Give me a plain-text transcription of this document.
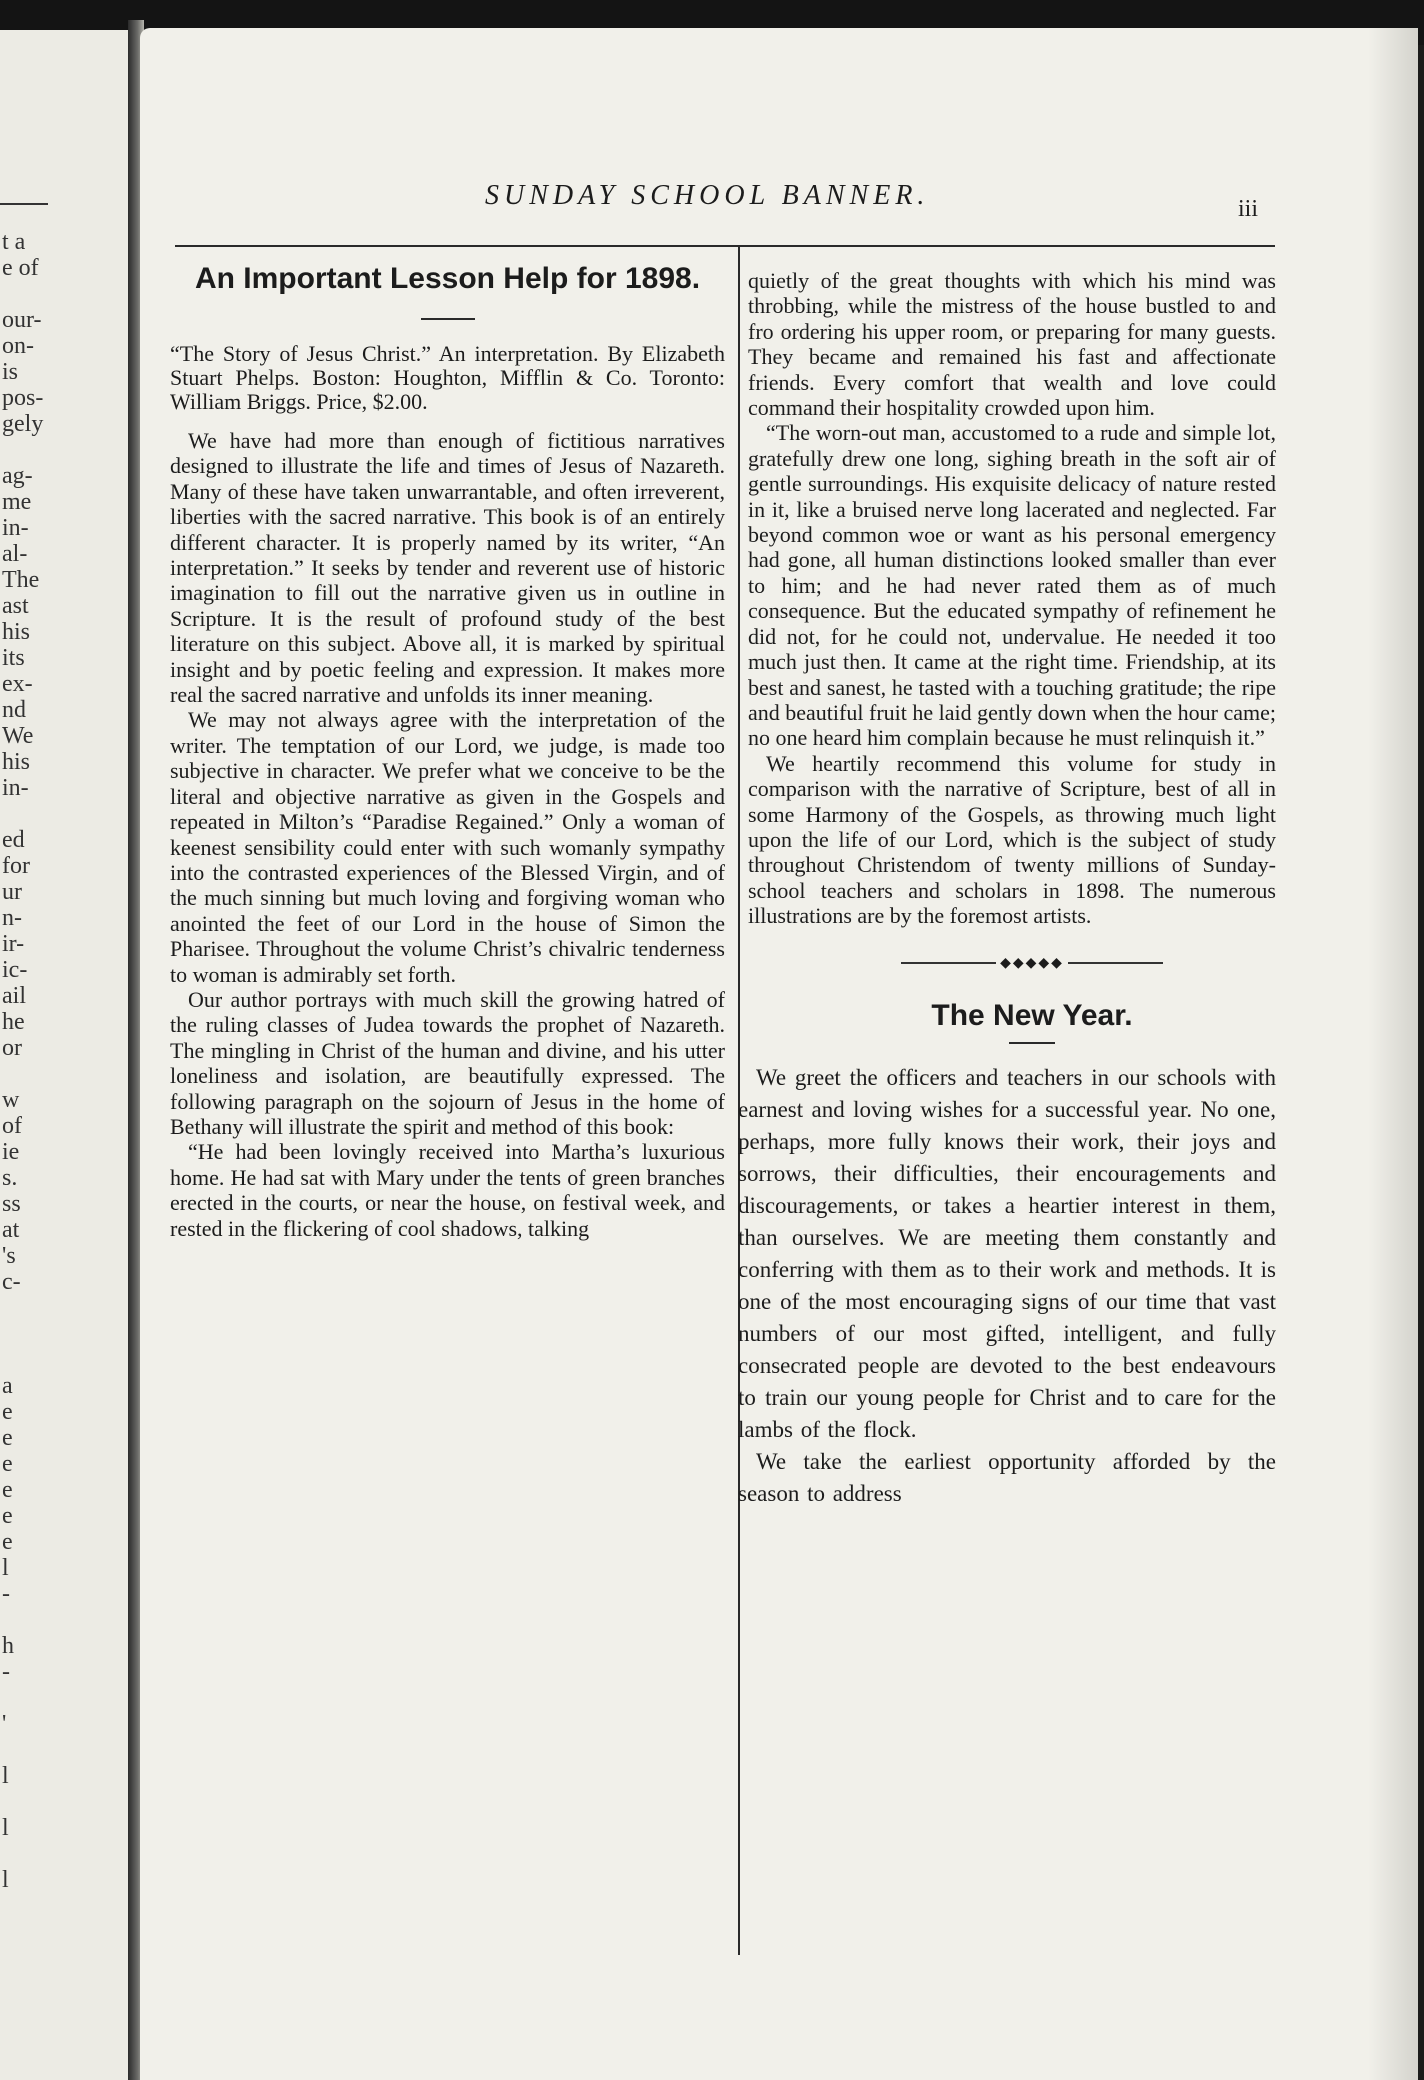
t a
e of
our-
on-
is
pos-
gely
ag-
me
in-
al-
The
ast
his
its
ex-
nd
We
his
in-
ed
for
ur
n-
ir-
ic-
ail
he
or
w
of
ie
s.
ss
at
's
c-
a
e
e
e
e
e
e
l
-
h
-
'
l
l
l
SUNDAY SCHOOL BANNER.	iii
An Important Lesson Help for 1898.

“The Story of Jesus Christ.” An interpretation. By Elizabeth Stuart Phelps. Boston: Houghton, Mifflin & Co. Toronto: William Briggs. Price, $2.00.

We have had more than enough of fictitious narratives designed to illustrate the life and times of Jesus of Nazareth. Many of these have taken unwarrantable, and often irreverent, liberties with the sacred narrative. This book is of an entirely different character. It is properly named by its writer, “An interpretation.” It seeks by tender and reverent use of historic imagination to fill out the narrative given us in outline in Scripture. It is the result of profound study of the best literature on this subject. Above all, it is marked by spiritual insight and by poetic feeling and expression. It makes more real the sacred narrative and unfolds its inner meaning.

We may not always agree with the interpretation of the writer. The temptation of our Lord, we judge, is made too subjective in character. We prefer what we conceive to be the literal and objective narrative as given in the Gospels and repeated in Milton’s “Paradise Regained.” Only a woman of keenest sensibility could enter with such womanly sympathy into the contrasted experiences of the Blessed Virgin, and of the much sinning but much loving and forgiving woman who anointed the feet of our Lord in the house of Simon the Pharisee. Throughout the volume Christ’s chivalric tenderness to woman is admirably set forth.

Our author portrays with much skill the growing hatred of the ruling classes of Judea towards the prophet of Nazareth. The mingling in Christ of the human and divine, and his utter loneliness and isolation, are beautifully expressed. The following paragraph on the sojourn of Jesus in the home of Bethany will illustrate the spirit and method of this book:

“He had been lovingly received into Martha’s luxurious home. He had sat with Mary under the tents of green branches erected in the courts, or near the house, on festival week, and rested in the flickering of cool shadows, talking

quietly of the great thoughts with which his mind was throbbing, while the mistress of the house bustled to and fro ordering his upper room, or preparing for many guests. They became and remained his fast and affectionate friends. Every comfort that wealth and love could command their hospitality crowded upon him.

“The worn-out man, accustomed to a rude and simple lot, gratefully drew one long, sighing breath in the soft air of gentle surroundings. His exquisite delicacy of nature rested in it, like a bruised nerve long lacerated and neglected. Far beyond common woe or want as his personal emergency had gone, all human distinctions looked smaller than ever to him; and he had never rated them as of much consequence. But the educated sympathy of refinement he did not, for he could not, undervalue. He needed it too much just then. It came at the right time. Friendship, at its best and sanest, he tasted with a touching gratitude; the ripe and beautiful fruit he laid gently down when the hour came; no one heard him complain because he must relinquish it.”

We heartily recommend this volume for study in comparison with the narrative of Scripture, best of all in some Harmony of the Gospels, as throwing much light upon the life of our Lord, which is the subject of study throughout Christendom of twenty millions of Sunday-school teachers and scholars in 1898. The numerous illustrations are by the foremost artists.

◆◆◆◆◆
The New Year.

We greet the officers and teachers in our schools with earnest and loving wishes for a successful year. No one, perhaps, more fully knows their work, their joys and sorrows, their difficulties, their encouragements and discouragements, or takes a heartier interest in them, than ourselves. We are meeting them constantly and conferring with them as to their work and methods. It is one of the most encouraging signs of our time that vast numbers of our most gifted, intelligent, and fully consecrated people are devoted to the best endeavours to train our young people for Christ and to care for the lambs of the flock.

We take the earliest opportunity afforded by the season to address
